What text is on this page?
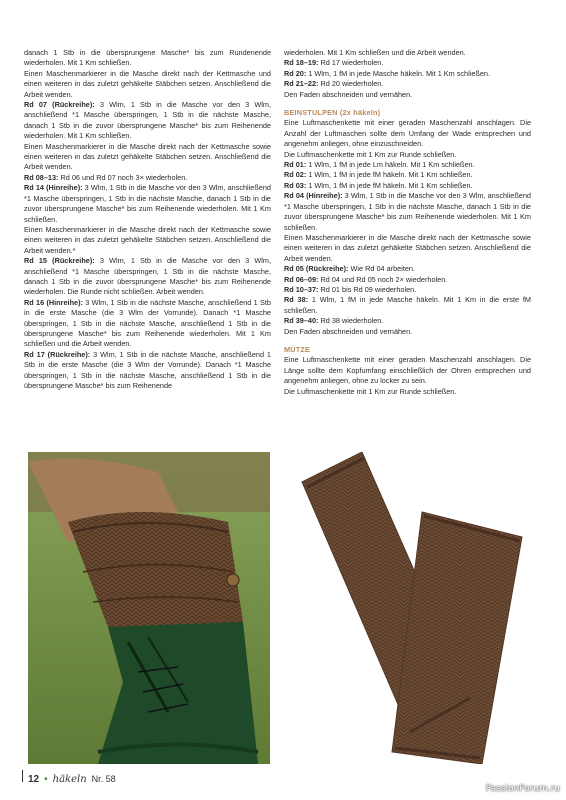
danach 1 Stb in die übersprungene Masche* bis zum Rundenende wiederholen. Mit 1 Km schließen.

Einen Maschenmarkierer in die Masche direkt nach der Kettmasche und einen weiteren in das zuletzt gehäkelte Stäbchen setzen. Anschließend die Arbeit wenden.

Rd 07 (Rückreihe): 3 Wlm, 1 Stb in die Masche vor den 3 Wlm, anschließend *1 Masche überspringen, 1 Stb in die nächste Masche, danach 1 Stb in die zuvor übersprungene Masche* bis zum Reihenende wiederholen. Mit 1 Km schließen.

Einen Maschenmarkierer in die Masche direkt nach der Kettmasche sowie einen weiteren in das zuletzt gehäkelte Stäbchen setzen. Anschließend die Arbeit wenden.

Rd 08–13: Rd 06 und Rd 07 noch 3× wiederholen.

Rd 14 (Hinreihe): 3 Wlm, 1 Stb in die Masche vor den 3 Wlm, anschließend *1 Masche überspringen, 1 Stb in die nächste Masche, danach 1 Stb in die zuvor übersprungene Masche* bis zum Reihenende wiederholen. Mit 1 Km schließen.

Einen Maschenmarkierer in die Masche direkt nach der Kettmasche sowie einen weiteren in das zuletzt gehäkelte Stäbchen setzen. Anschließend die Arbeit wenden.*

Rd 15 (Rückreihe): 3 Wlm, 1 Stb in die Masche vor den 3 Wlm, anschließend *1 Masche überspringen, 1 Stb in die nächste Masche, danach 1 Stb in die zuvor übersprungene Masche* bis zum Reihenende wiederholen. Die Runde nicht schließen. Arbeit wenden.

Rd 16 (Hinreihe): 3 Wlm, 1 Stb in die nächste Masche, anschließend 1 Stb in die erste Masche (die 3 Wlm der Vorrunde). Danach *1 Masche überspringen, 1 Stb in die nächste Masche, anschließend 1 Stb in die übersprungene Masche* bis zum Reihenende wiederholen. Mit 1 Km schließen und die Arbeit wenden.

Rd 17 (Rückreihe): 3 Wlm, 1 Stb in die nächste Masche, anschließend 1 Stb in die erste Masche (die 3 Wlm der Vorrunde). Danach *1 Masche überspringen, 1 Stb in die nächste Masche, anschließend 1 Stb in die übersprungene Masche* bis zum Reihenende

wiederholen. Mit 1 Km schließen und die Arbeit wenden.

Rd 18–19: Rd 17 wiederholen.

Rd 20: 1 Wlm, 1 fM in jede Masche häkeln. Mit 1 Km schließen.

Rd 21–22: Rd 20 wiederholen.

Den Faden abschneiden und vernähen.

BEINSTULPEN (2x häkeln)

Eine Luftmaschenkette mit einer geraden Maschenzahl anschlagen. Die Anzahl der Luftmaschen sollte dem Umfang der Wade entsprechen und angenehm anliegen, ohne einzuschneiden.

Die Luftmaschenkette mit 1 Km zur Runde schließen.

Rd 01: 1 Wlm, 1 fM in jede Lm häkeln. Mit 1 Km schließen.

Rd 02: 1 Wlm, 1 fM in jede fM häkeln. Mit 1 Km schließen.

Rd 03: 1 Wlm, 1 fM in jede fM häkeln. Mit 1 Km schließen.

Rd 04 (Hinreihe): 3 Wlm, 1 Stb in die Masche vor den 3 Wlm, anschließend *1 Masche überspringen, 1 Stb in die nächste Masche, danach 1 Stb in die zuvor übersprungene Masche* bis zum Reihenende wiederholen. Mit 1 Km schließen.

Einen Maschenmarkierer in die Masche direkt nach der Kettmasche sowie einen weiteren in das zuletzt gehäkelte Stäbchen setzen. Anschließend die Arbeit wenden.

Rd 05 (Rückreihe): Wie Rd 04 arbeiten.

Rd 06–09: Rd 04 und Rd 05 noch 2× wiederholen.

Rd 10–37: Rd 01 bis Rd 09 wiederholen.

Rd 38: 1 Wlm, 1 fM in jede Masche häkeln. Mit 1 Km in die erste fM schließen.

Rd 39–40: Rd 38 wiederholen.

Den Faden abschneiden und vernähen.

MÜTZE

Eine Luftmaschenkette mit einer geraden Maschenzahl anschlagen. Die Länge sollte dem Kopfumfang einschließlich der Ohren entsprechen und angenehm anliegen, ohne zu locker zu sein.

Die Luftmaschenkette mit 1 Km zur Runde schließen.

12 • häkeln Nr. 58
PassionForum.ru
